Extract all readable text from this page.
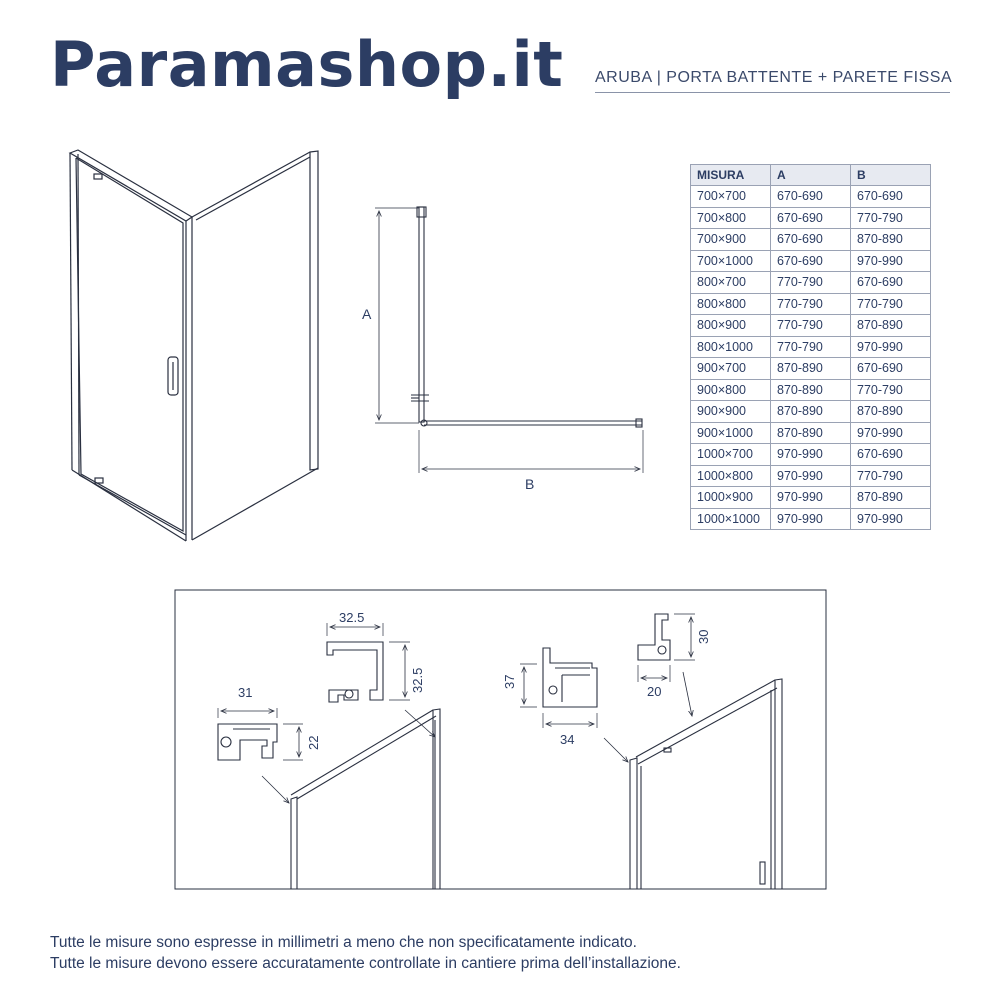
Paramashop.it ARUBA | PORTA BATTENTE + PARETE FISSA
A
B
31
22
32.5
32.5	37
34
30
20
MISURA	A	B
700×700	670-690	670-690
700×800	670-690	770-790
700×900	670-690	870-890
700×1000	670-690	970-990
800×700	770-790	670-690
800×800	770-790	770-790
800×900	770-790	870-890
800×1000	770-790	970-990
900×700	870-890	670-690
900×800	870-890	770-790
900×900	870-890	870-890
900×1000	870-890	970-990
1000×700	970-990	670-690
1000×800	970-990	770-790
1000×900	970-990	870-890
1000×1000	970-990	970-990
Tutte le misure sono espresse in millimetri a meno che non specificatamente indicato.
Tutte le misure devono essere accuratamente controllate in cantiere prima dell’installazione.
